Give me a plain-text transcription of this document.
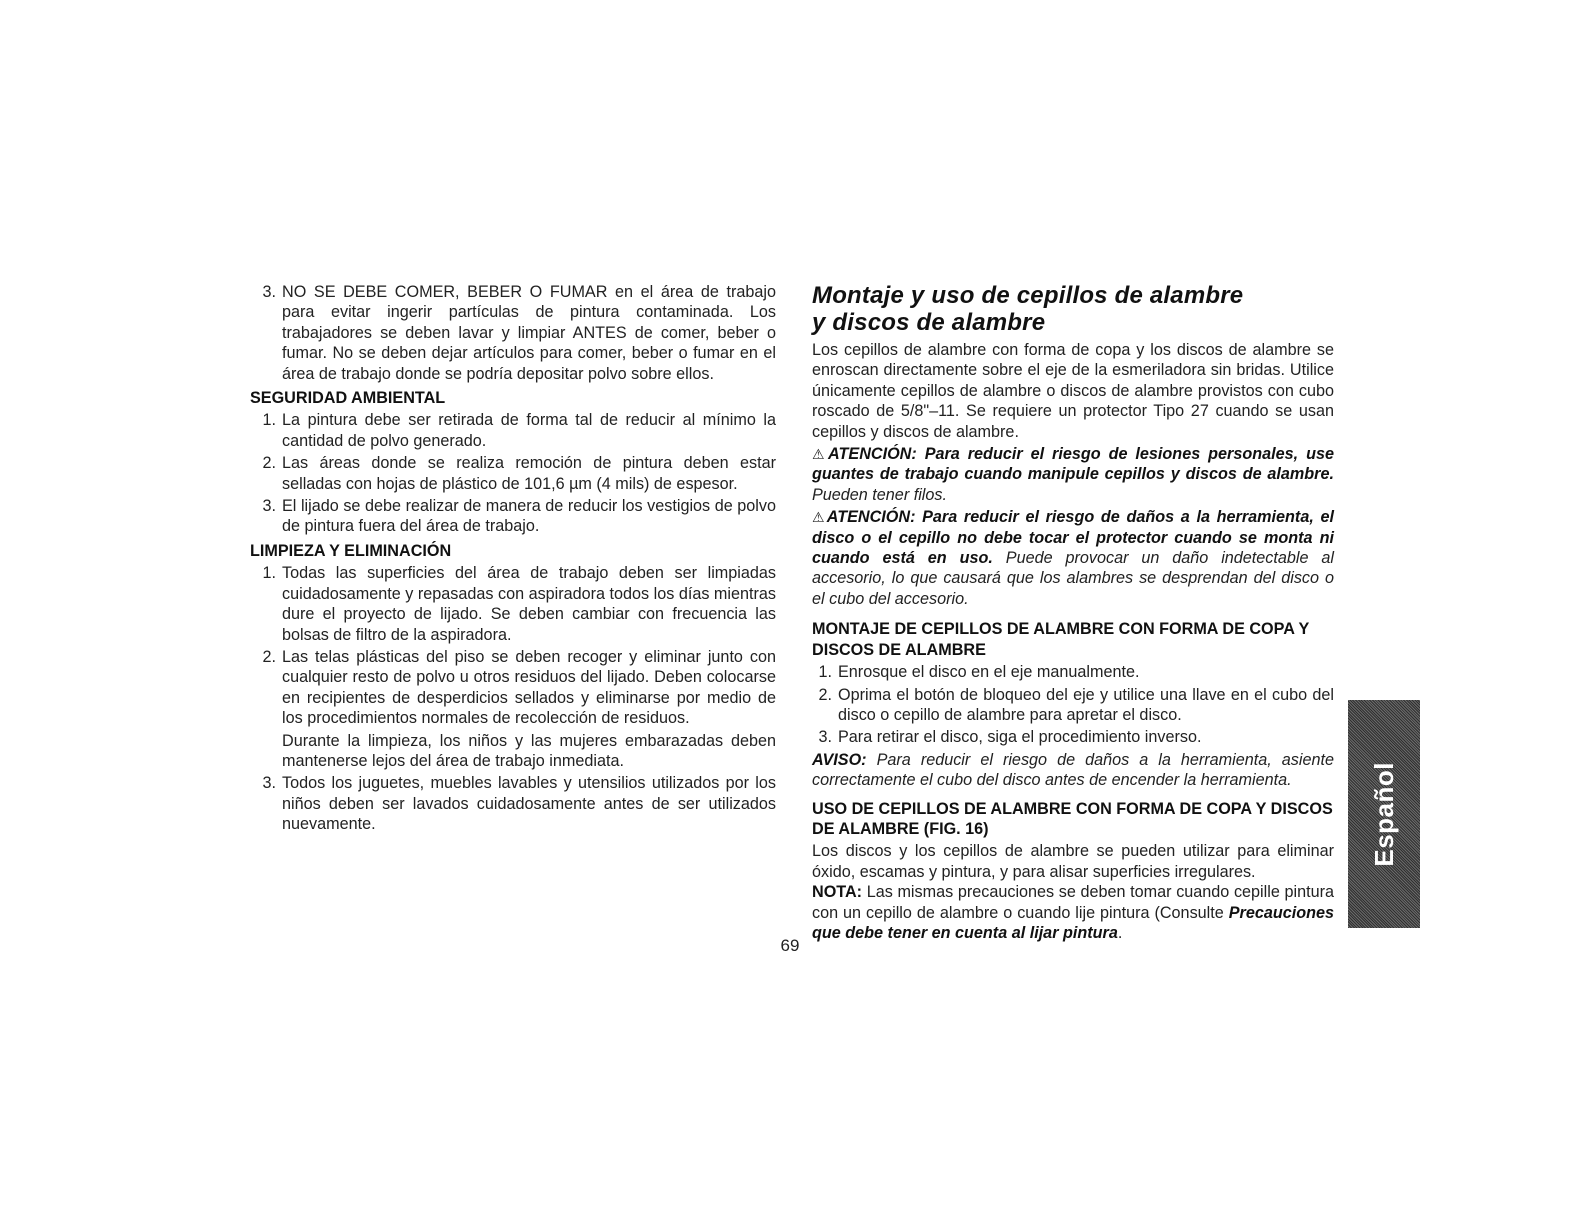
3. NO SE DEBE COMER, BEBER O FUMAR en el área de trabajo para evitar ingerir partículas de pintura contaminada. Los trabajadores se deben lavar y limpiar ANTES de comer, beber o fumar. No se deben dejar artículos para comer, beber o fumar en el área de trabajo donde se podría depositar polvo sobre ellos.
SEGURIDAD AMBIENTAL
1. La pintura debe ser retirada de forma tal de reducir al mínimo la cantidad de polvo generado.
2. Las áreas donde se realiza remoción de pintura deben estar selladas con hojas de plástico de 101,6 µm (4 mils) de espesor.
3. El lijado se debe realizar de manera de reducir los vestigios de polvo de pintura fuera del área de trabajo.
LIMPIEZA Y ELIMINACIÓN
1. Todas las superficies del área de trabajo deben ser limpiadas cuidadosamente y repasadas con aspiradora todos los días mientras dure el proyecto de lijado. Se deben cambiar con frecuencia las bolsas de filtro de la aspiradora.
2. Las telas plásticas del piso se deben recoger y eliminar junto con cualquier resto de polvo u otros residuos del lijado. Deben colocarse en recipientes de desperdicios sellados y eliminarse por medio de los procedimientos normales de recolección de residuos.
Durante la limpieza, los niños y las mujeres embarazadas deben mantenerse lejos del área de trabajo inmediata.
3. Todos los juguetes, muebles lavables y utensilios utilizados por los niños deben ser lavados cuidadosamente antes de ser utilizados nuevamente.
Montaje y uso de cepillos de alambre
y discos de alambre

Los cepillos de alambre con forma de copa y los discos de alambre se enroscan directamente sobre el eje de la esmeriladora sin bridas. Utilice únicamente cepillos de alambre o discos de alambre provistos con cubo roscado de 5/8"–11. Se requiere un protector Tipo 27 cuando se usan cepillos y discos de alambre.

⚠ATENCIÓN: Para reducir el riesgo de lesiones personales, use guantes de trabajo cuando manipule cepillos y discos de alambre. Pueden tener filos.

⚠ATENCIÓN: Para reducir el riesgo de daños a la herramienta, el disco o el cepillo no debe tocar el protector cuando se monta ni cuando está en uso. Puede provocar un daño indetectable al accesorio, lo que causará que los alambres se desprendan del disco o el cubo del accesorio.

MONTAJE DE CEPILLOS DE ALAMBRE CON FORMA DE COPA Y DISCOS DE ALAMBRE
1. Enrosque el disco en el eje manualmente.
2. Oprima el botón de bloqueo del eje y utilice una llave en el cubo del disco o cepillo de alambre para apretar el disco.
3. Para retirar el disco, siga el procedimiento inverso.

AVISO: Para reducir el riesgo de daños a la herramienta, asiente correctamente el cubo del disco antes de encender la herramienta.

USO DE CEPILLOS DE ALAMBRE CON FORMA DE COPA Y DISCOS DE ALAMBRE (FIG. 16)

Los discos y los cepillos de alambre se pueden utilizar para eliminar óxido, escamas y pintura, y para alisar superficies irregulares.

NOTA: Las mismas precauciones se deben tomar cuando cepille pintura con un cepillo de alambre o cuando lije pintura (Consulte Precauciones que debe tener en cuenta al lijar pintura.

69
Español
